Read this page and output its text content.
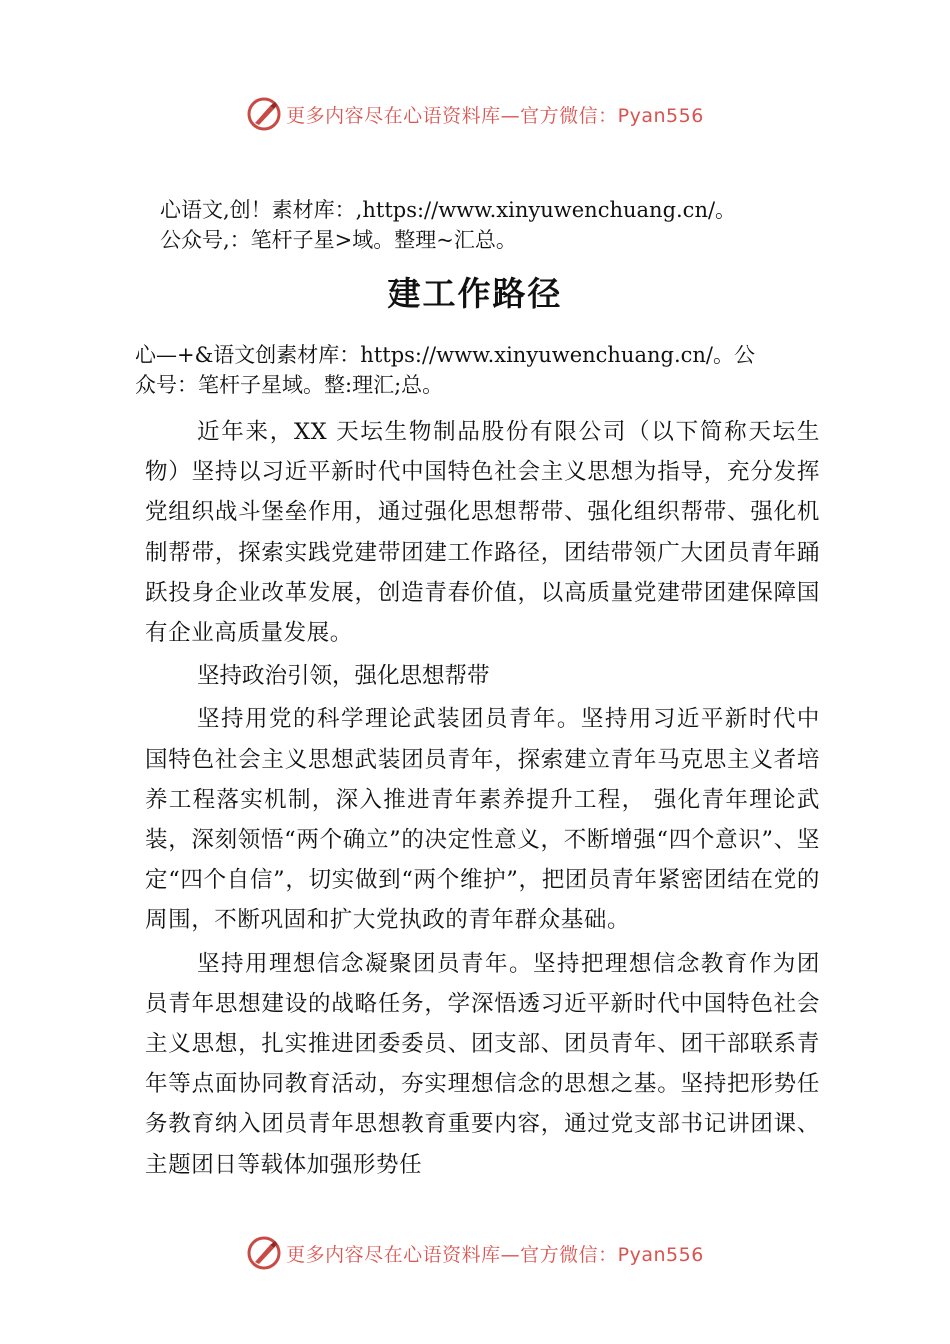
更多内容尽在心语资料库—官方微信：Pyan556
心语文,创！素材库：,https://www.xinyuwenchuang.cn/。
公众号,：笔杆子星>域。整理~汇总。
建工作路径
心—+&语文创素材库：https://www.xinyuwenchuang.cn/。公
众号：笔杆子星域。整:理汇;总。

近年来，XX 天坛生物制品股份有限公司（以下简称天坛生物）坚持以习近平新时代中国特色社会主义思想为指导，充分发挥党组织战斗堡垒作用，通过强化思想帮带、强化组织帮带、强化机制帮带，探索实践党建带团建工作路径，团结带领广大团员青年踊跃投身企业改革发展，创造青春价值，以高质量党建带团建保障国有企业高质量发展。

坚持政治引领，强化思想帮带

坚持用党的科学理论武装团员青年。坚持用习近平新时代中国特色社会主义思想武装团员青年，探索建立青年马克思主义者培养工程落实机制，深入推进青年素养提升工程， 强化青年理论武装，深刻领悟“两个确立”的决定性意义，不断增强“四个意识”、坚定“四个自信”，切实做到“两个维护”，把团员青年紧密团结在党的周围，不断巩固和扩大党执政的青年群众基础。

坚持用理想信念凝聚团员青年。坚持把理想信念教育作为团员青年思想建设的战略任务，学深悟透习近平新时代中国特色社会主义思想，扎实推进团委委员、团支部、团员青年、团干部联系青年等点面协同教育活动，夯实理想信念的思想之基。坚持把形势任务教育纳入团员青年思想教育重要内容，通过党支部书记讲团课、主题团日等载体加强形势任

更多内容尽在心语资料库—官方微信：Pyan556
